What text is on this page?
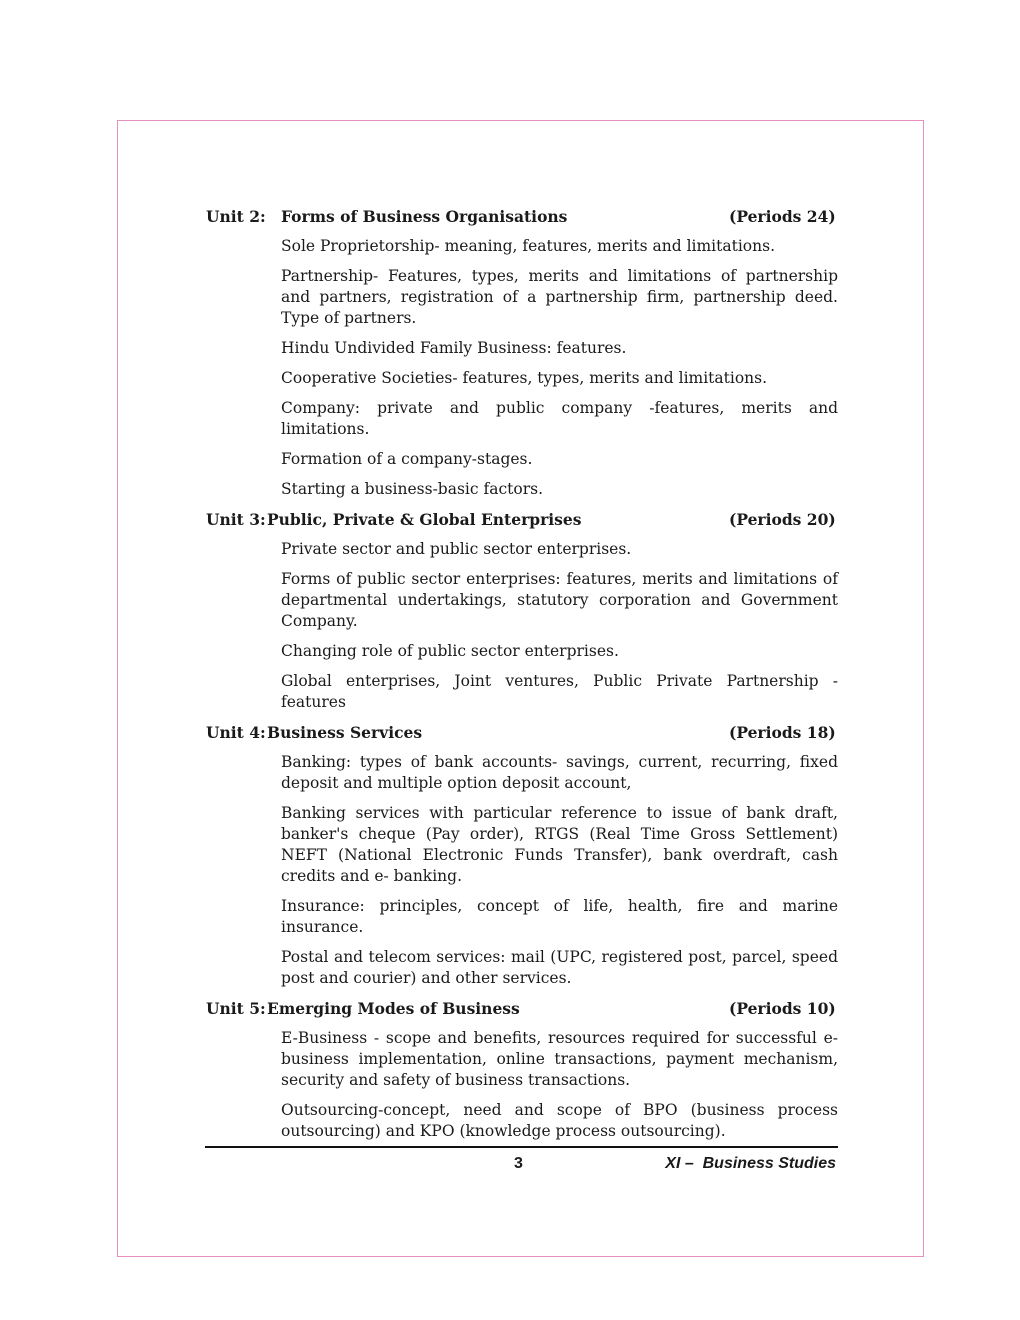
Unit 2: Forms of Business Organisations	(Periods 24)
Sole Proprietorship- meaning, features, merits and limitations.
Partnership- Features, types, merits and limitations of partnership and partners, registration of a partnership firm, partnership deed. Type of partners.
Hindu Undivided Family Business: features.
Cooperative Societies- features, types, merits and limitations.
Company: private and public company -features, merits and limitations.
Formation of a company-stages.
Starting a business-basic factors.
Unit 3: Public, Private & Global Enterprises	(Periods 20)
Private sector and public sector enterprises.
Forms of public sector enterprises: features, merits and limitations of departmental undertakings, statutory corporation and Government Company.
Changing role of public sector enterprises.
Global enterprises, Joint ventures, Public Private Partnership - features
Unit 4: Business Services	(Periods 18)
Banking: types of bank accounts- savings, current, recurring, fixed deposit and multiple option deposit account,
Banking services with particular reference to issue of bank draft, banker's cheque (Pay order), RTGS (Real Time Gross Settlement) NEFT (National Electronic Funds Transfer), bank overdraft, cash credits and e- banking.
Insurance: principles, concept of life, health, fire and marine insurance.
Postal and telecom services: mail (UPC, registered post, parcel, speed post and courier) and other services.
Unit 5: Emerging Modes of Business	(Periods 10)
E-Business - scope and benefits, resources required for successful e-business implementation, online transactions, payment mechanism, security and safety of business transactions.
Outsourcing-concept, need and scope of BPO (business process outsourcing) and KPO (knowledge process outsourcing).
3	XI –  Business Studies
